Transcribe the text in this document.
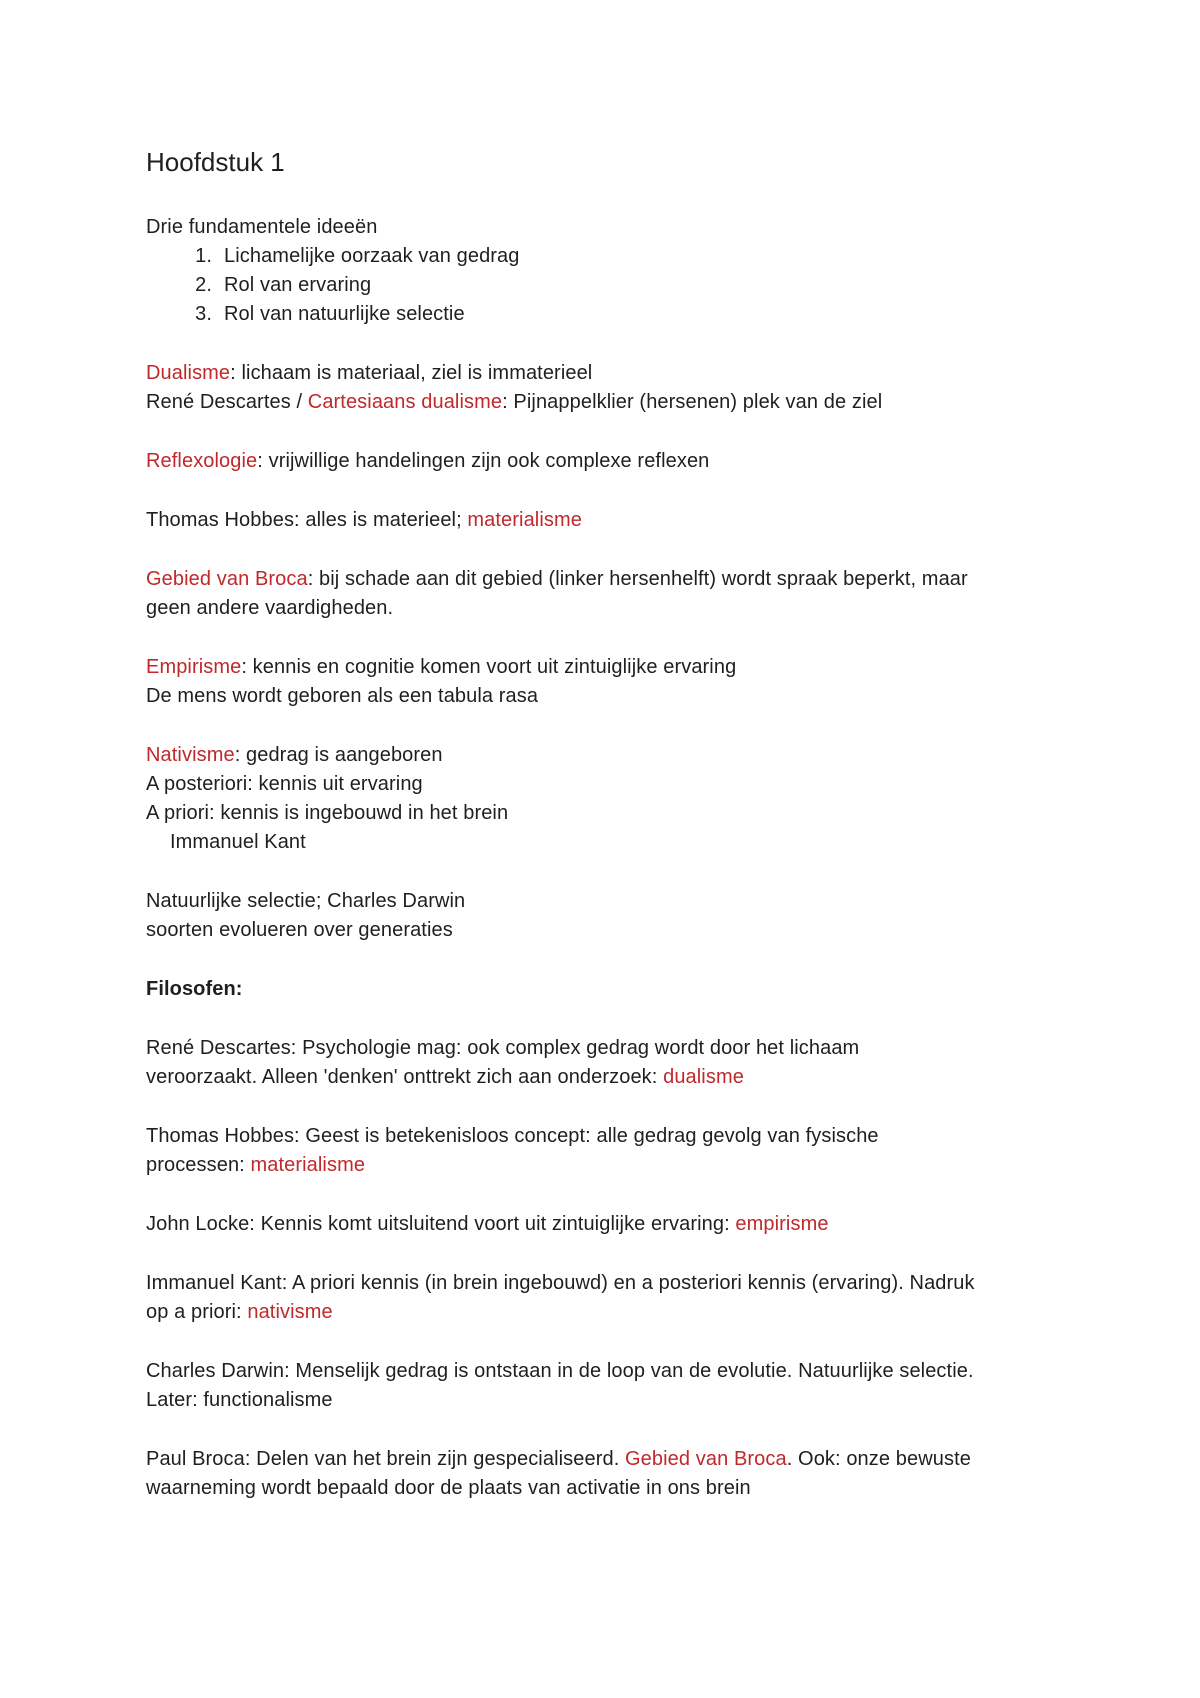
Hoofdstuk 1
Drie fundamentele ideeën
1. Lichamelijke oorzaak van gedrag
2. Rol van ervaring
3. Rol van natuurlijke selectie
Dualisme: lichaam is materiaal, ziel is immaterieel
René Descartes / Cartesiaans dualisme: Pijnappelklier (hersenen) plek van de ziel
Reflexologie: vrijwillige handelingen zijn ook complexe reflexen
Thomas Hobbes: alles is materieel; materialisme
Gebied van Broca: bij schade aan dit gebied (linker hersenhelft) wordt spraak beperkt, maar
geen andere vaardigheden.
Empirisme: kennis en cognitie komen voort uit zintuiglijke ervaring
De mens wordt geboren als een tabula rasa
Nativisme: gedrag is aangeboren
A posteriori: kennis uit ervaring
A priori: kennis is ingebouwd in het brein
Immanuel Kant
Natuurlijke selectie; Charles Darwin
soorten evolueren over generaties
Filosofen:
René Descartes: Psychologie mag: ook complex gedrag wordt door het lichaam
veroorzaakt. Alleen 'denken' onttrekt zich aan onderzoek: dualisme
Thomas Hobbes: Geest is betekenisloos concept: alle gedrag gevolg van fysische
processen: materialisme
John Locke: Kennis komt uitsluitend voort uit zintuiglijke ervaring: empirisme
Immanuel Kant: A priori kennis (in brein ingebouwd) en a posteriori kennis (ervaring). Nadruk
op a priori: nativisme
Charles Darwin: Menselijk gedrag is ontstaan in de loop van de evolutie. Natuurlijke selectie.
Later: functionalisme
Paul Broca: Delen van het brein zijn gespecialiseerd. Gebied van Broca. Ook: onze bewuste
waarneming wordt bepaald door de plaats van activatie in ons brein
